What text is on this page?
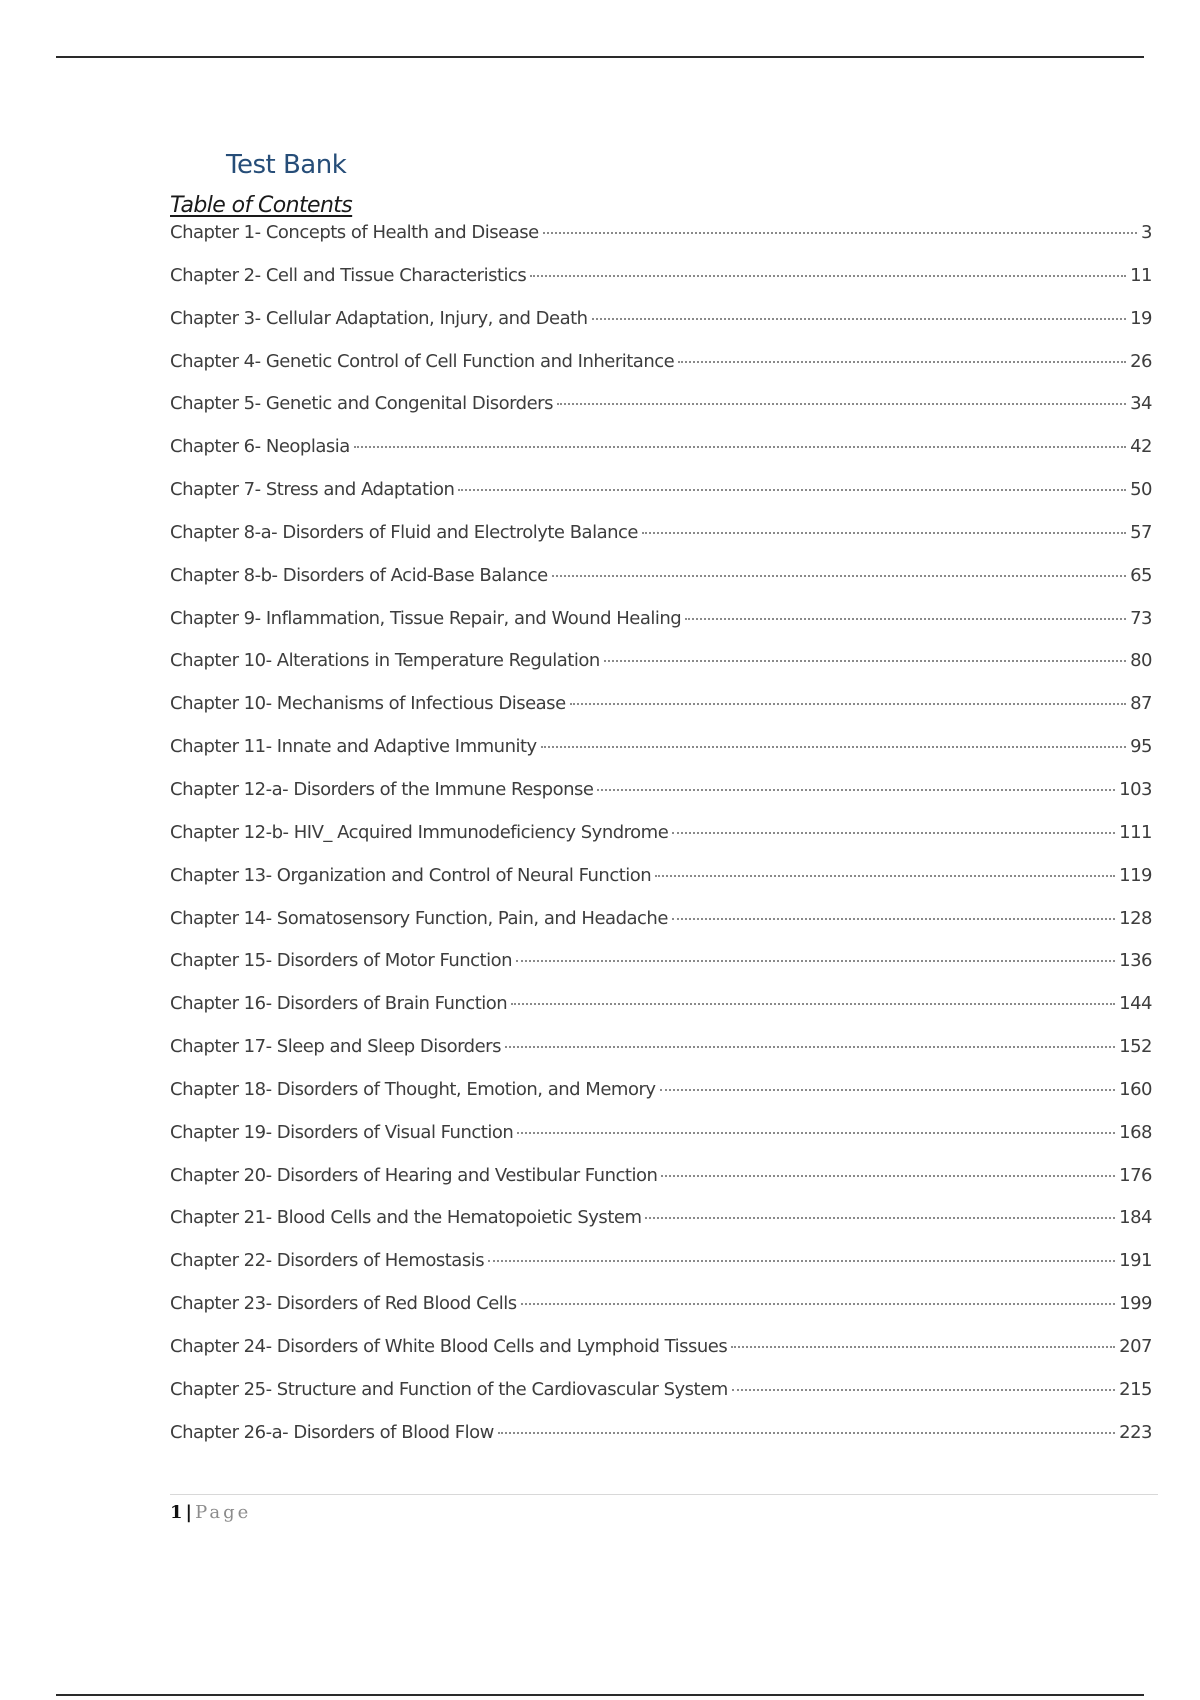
Test Bank
Table of Contents
Chapter 1- Concepts of Health and Disease	3
Chapter 2- Cell and Tissue Characteristics	11
Chapter 3- Cellular Adaptation, Injury, and Death	19
Chapter 4- Genetic Control of Cell Function and Inheritance	26
Chapter 5- Genetic and Congenital Disorders	34
Chapter 6- Neoplasia	42
Chapter 7- Stress and Adaptation	50
Chapter 8-a- Disorders of Fluid and Electrolyte Balance	57
Chapter 8-b- Disorders of Acid-Base Balance	65
Chapter 9- Inflammation, Tissue Repair, and Wound Healing	73
Chapter 10- Alterations in Temperature Regulation	80
Chapter 10- Mechanisms of Infectious Disease	87
Chapter 11- Innate and Adaptive Immunity	95
Chapter 12-a- Disorders of the Immune Response	103
Chapter 12-b- HIV_ Acquired Immunodeficiency Syndrome	111
Chapter 13- Organization and Control of Neural Function	119
Chapter 14- Somatosensory Function, Pain, and Headache	128
Chapter 15- Disorders of Motor Function	136
Chapter 16- Disorders of Brain Function	144
Chapter 17- Sleep and Sleep Disorders	152
Chapter 18- Disorders of Thought, Emotion, and Memory	160
Chapter 19- Disorders of Visual Function	168
Chapter 20- Disorders of Hearing and Vestibular Function	176
Chapter 21- Blood Cells and the Hematopoietic System	184
Chapter 22- Disorders of Hemostasis	191
Chapter 23- Disorders of Red Blood Cells	199
Chapter 24- Disorders of White Blood Cells and Lymphoid Tissues	207
Chapter 25- Structure and Function of the Cardiovascular System	215
Chapter 26-a- Disorders of Blood Flow	223
1 | Page
